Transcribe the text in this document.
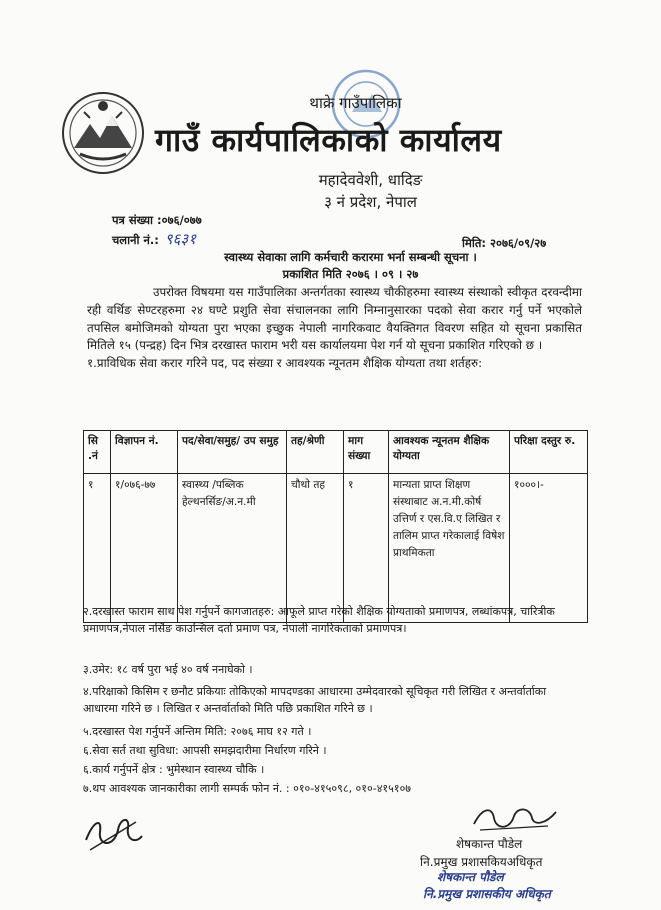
थाक्रे गाउँपालिका
गाउँ कार्यपालिकाको कार्यालय
महादेववेशी, धादिङ
३ नं प्रदेश, नेपाल
पत्र संख्या :०७६/०७७
चलानी नं.: ९६३१	मिति: २०७६/०९/२७
स्वास्थ्य सेवाका लागि कर्मचारी करारमा भर्ना सम्बन्धी सूचना ।
प्रकाशित मिति २०७६ । ०९ । २७
उपरोक्त विषयमा यस गाउँपालिका अन्तर्गतका स्वास्थ्य चौकीहरुमा स्वास्थ्य संस्थाको स्वीकृत दरवन्दीमा रही वर्थिङ सेण्टरहरुमा २४ घण्टे प्रशुति सेवा संचालनका लागि निम्नानुसारका पदको सेवा करार गर्नु पर्ने भएकोले तपसिल बमोजिमको योग्यता पुरा भएका इच्छुक नेपाली नागरिकवाट वैयक्तिगत विवरण सहित यो सूचना प्रकासित मितिले १५ (पन्द्रह) दिन भित्र दरखास्त फाराम भरी यस कार्यालयमा पेश गर्न यो सूचना प्रकाशित गरिएको छ ।
१.प्राविधिक सेवा करार गरिने पद, पद संख्या र आवश्यक न्यूनतम शैक्षिक योग्यता तथा शर्तहरु:
सि .नं	विज्ञापन नं.	पद/सेवा/समुह/ उप समुह	तह/श्रेणी	माग संख्या	आवश्यक न्यूनतम शैक्षिक योग्यता	परिक्षा दस्तुर रु.
१	१/०७६-७७	स्वास्थ्य /पब्लिक हेल्थनर्सिङ/अ.न.मी	चौथो तह	१	मान्यता प्राप्त शिक्षण संस्थाबाट अ.न.मी.कोर्ष उत्तिर्ण र एस.वि.ए लिखित र तालिम प्राप्त गरेकालाई विषेश प्राथमिकता	१०००।-
२.दरखास्त फाराम साथ पेश गर्नुपर्ने कागजातहरु: आफूले प्राप्त गरेको शैक्षिक योग्यताको प्रमाणपत्र, लब्धांकपत्र, चारित्रीक प्रमाणपत्र,नेपाल नर्सिङ काउन्सिल दर्ता प्रमाण पत्र, नेपाली नागरिकताको प्रमाणपत्र।
३.उमेर: १८ वर्ष पुरा भई ४० वर्ष ननाघेको ।
४.परिक्षाको किसिम र छनौट प्रकियाः तोकिएको मापदण्डका आधारमा उम्मेदवारको सूचिकृत गरी लिखित र अन्तर्वार्ताका आधारमा गरिने छ । लिखित र अन्तर्वार्ताको मिति पछि प्रकाशित गरिने छ ।
५.दरखास्त पेश गर्नुपर्ने अन्तिम मिति: २०७६ माघ १२ गते ।
६.सेवा सर्त तथा सुविधा: आपसी समझदारीमा निर्धारण गरिने ।
६.कार्य गर्नुपर्ने क्षेत्र : भुमेस्थान स्वास्थ्य चौकि ।
७.थप आवश्यक जानकारीका लागी सम्पर्क फोन नं. : ०१०-४१५०९८, ०१०-४१५१०७
शेषकान्त पौडेल
नि.प्रमुख प्रशासकियअधिकृत
शेषकान्त पौडेल
नि.प्रमुख प्रशासकीय अधिकृत
